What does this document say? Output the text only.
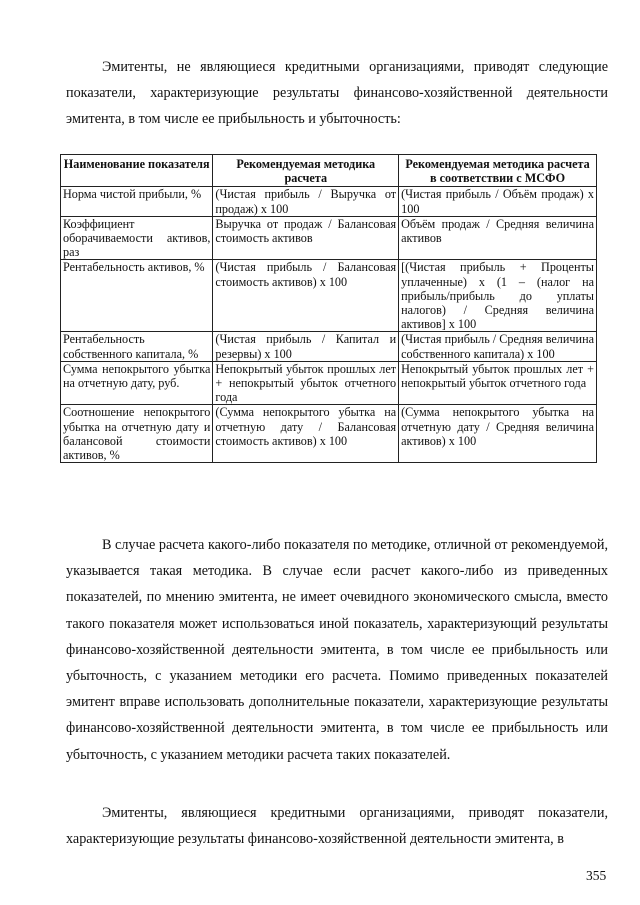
Эмитенты, не являющиеся кредитными организациями, приводят следующие показатели, характеризующие результаты финансово-хозяйственной деятельности эмитента, в том числе ее прибыльность и убыточность:

Наименование показателя	Рекомендуемая методика расчета	Рекомендуемая методика расчета в соответствии с МСФО
Норма чистой прибыли, %	(Чистая прибыль / Выручка от продаж) х 100	(Чистая прибыль / Объём продаж) х 100
Коэффициент оборачиваемости активов, раз	Выручка от продаж / Балансовая стоимость активов	Объём продаж / Средняя величина активов
Рентабельность активов, %	(Чистая прибыль / Балансовая стоимость активов) х 100	[(Чистая прибыль + Проценты уплаченные) х (1 – (налог на прибыль/прибыль до уплаты налогов) / Средняя величина активов] х 100
Рентабельность собственного капитала, %	(Чистая прибыль / Капитал и резервы) х 100	(Чистая прибыль / Средняя величина собственного капитала) х 100
Сумма непокрытого убытка на отчетную дату, руб.	Непокрытый убыток прошлых лет + непокрытый убыток отчетного года	Непокрытый убыток прошлых лет + непокрытый убыток отчетного года
Соотношение непокрытого убытка на отчетную дату и балансовой стоимости активов, %	(Сумма непокрытого убытка на отчетную дату / Балансовая стоимость активов) х 100	(Сумма непокрытого убытка на отчетную дату / Средняя величина активов) х 100

В случае расчета какого-либо показателя по методике, отличной от рекомендуемой, указывается такая методика. В случае если расчет какого-либо из приведенных показателей, по мнению эмитента, не имеет очевидного экономического смысла, вместо такого показателя может использоваться иной показатель, характеризующий результаты финансово-хозяйственной деятельности эмитента, в том числе ее прибыльность или убыточность, с указанием методики его расчета. Помимо приведенных показателей эмитент вправе использовать дополнительные показатели, характеризующие результаты финансово-хозяйственной деятельности эмитента, в том числе ее прибыльность или убыточность, с указанием методики расчета таких показателей.

Эмитенты, являющиеся кредитными организациями, приводят показатели, характеризующие результаты финансово-хозяйственной деятельности эмитента, в

355
